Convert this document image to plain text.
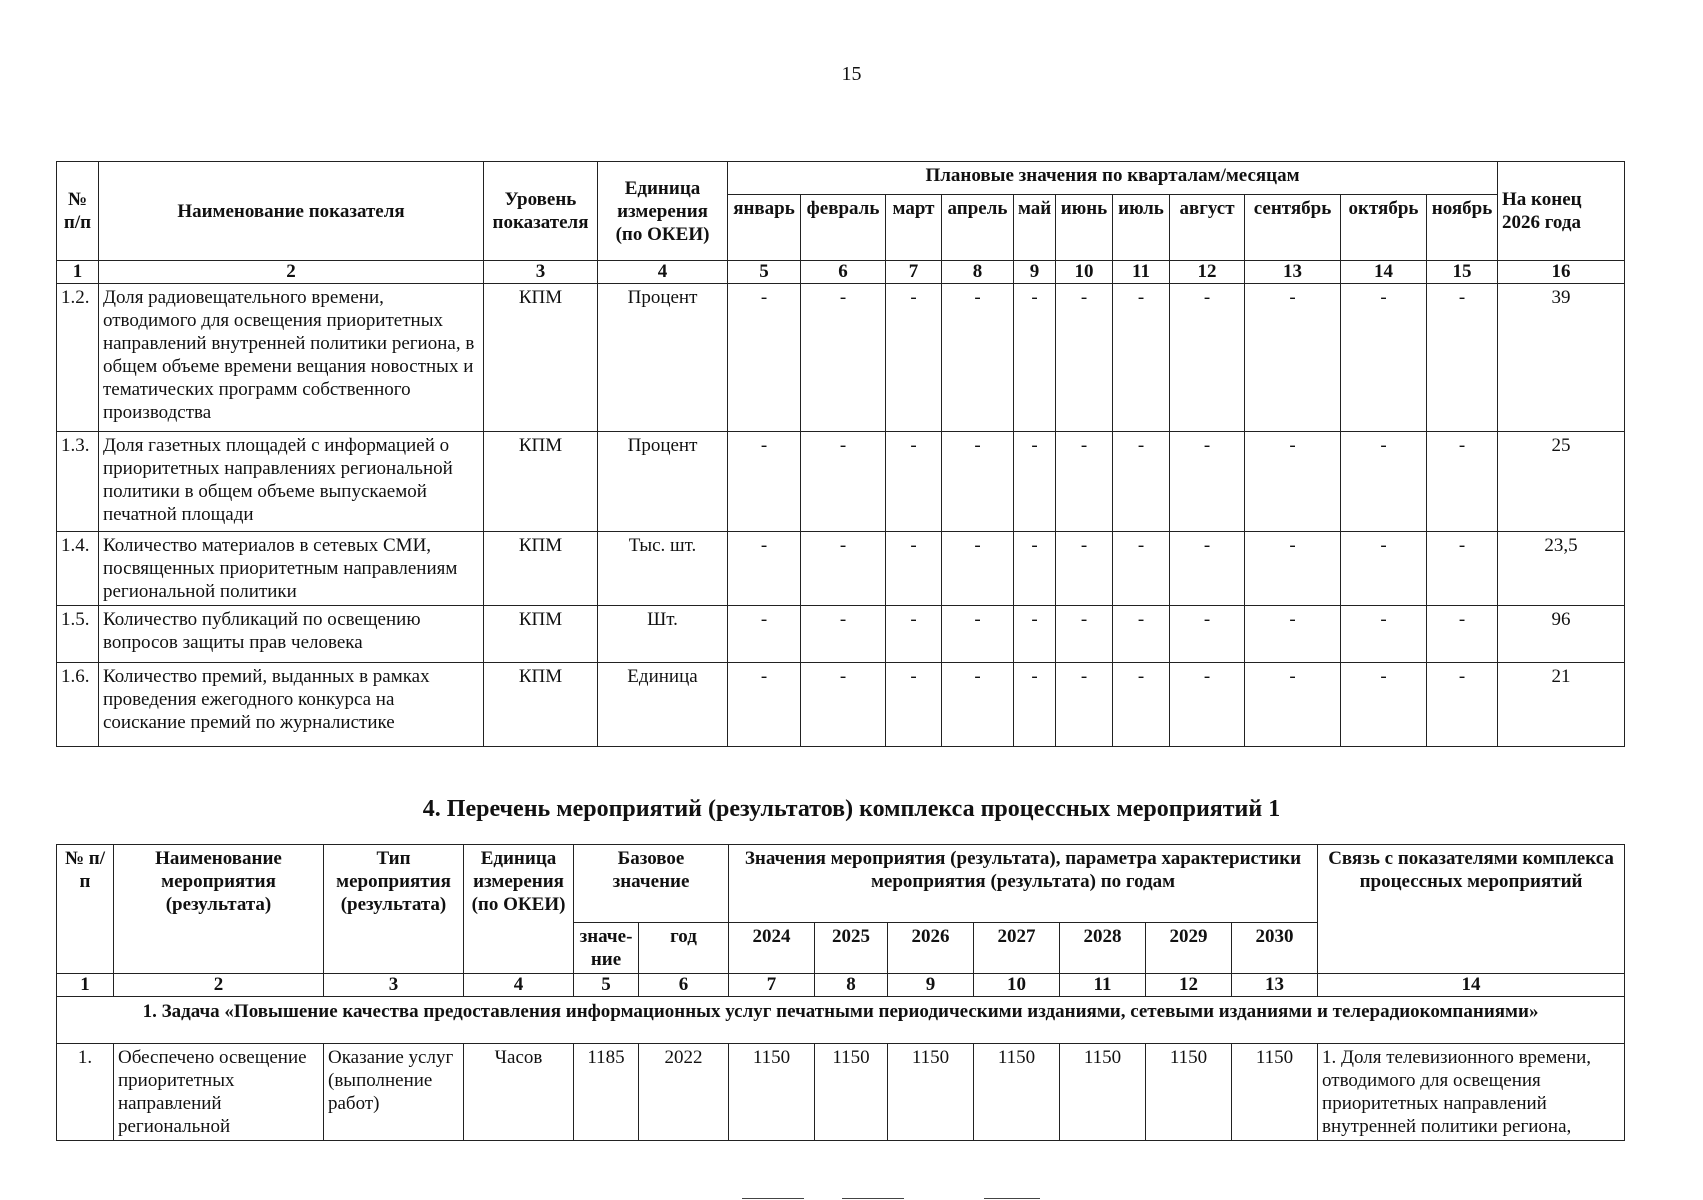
15
№ п/п	Наименование показателя	Уровень показателя	Единица измерения (по ОКЕИ)	Плановые значения по кварталам/месяцам											На конец 2026 года
				январь	февраль	март	апрель	май	июнь	июль	август	сентябрь	октябрь	ноябрь	
1	2	3	4	5	6	7	8	9	10	11	12	13	14	15	16
1.2.	Доля радиовещательного времени, отводимого для освещения приоритетных направлений внутренней политики региона, в общем объеме времени вещания новостных и тематических программ собственного производства	КПМ	Процент	-	-	-	-	-	-	-	-	-	-	-	39
1.3.	Доля газетных площадей с информацией о приоритетных направлениях региональной политики в общем объеме выпускаемой печатной площади	КПМ	Процент	-	-	-	-	-	-	-	-	-	-	-	25
1.4.	Количество материалов в сетевых СМИ, посвященных приоритетным направлениям региональной политики	КПМ	Тыс. шт.	-	-	-	-	-	-	-	-	-	-	-	23,5
1.5.	Количество публикаций по освещению вопросов защиты прав человека	КПМ	Шт.	-	-	-	-	-	-	-	-	-	-	-	96
1.6.	Количество премий, выданных в рамках проведения ежегодного конкурса на соискание премий по журналистике	КПМ	Единица	-	-	-	-	-	-	-	-	-	-	-	21
4. Перечень мероприятий (результатов) комплекса процессных мероприятий 1
№ п/п	Наименование мероприятия (результата)	Тип мероприятия (результата)	Единица измерения (по ОКЕИ)	Базовое значение		Значения мероприятия (результата), параметра характеристики мероприятия (результата) по годам							Связь с показателями комплекса процессных мероприятий
				значе-ние	год	2024	2025	2026	2027	2028	2029	2030	
1	2	3	4	5	6	7	8	9	10	11	12	13	14
1. Задача «Повышение качества предоставления информационных услуг печатными периодическими изданиями, сетевыми изданиями и телерадиокомпаниями»													
1.	Обеспечено освещение приоритетных направлений региональной	Оказание услуг (выполнение работ)	Часов	1185	2022	1150	1150	1150	1150	1150	1150	1150	1. Доля телевизионного времени, отводимого для освещения приоритетных направлений внутренней политики региона,
